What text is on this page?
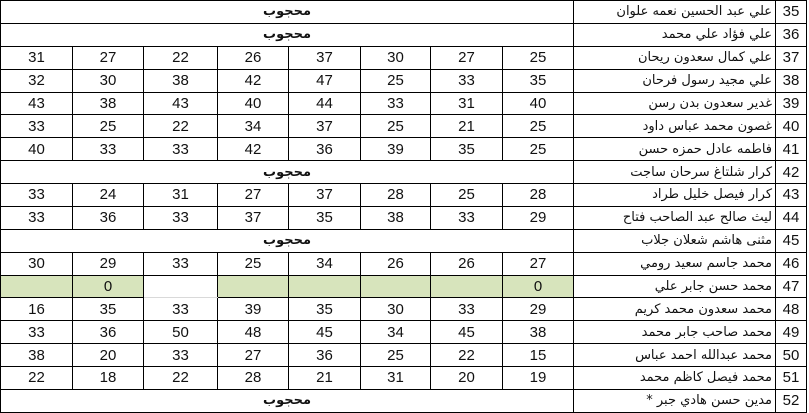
محجوب								علي عبد الحسين نعمه علوان	35
محجوب								علي فؤاد علي محمد	36
31	27	22	26	37	30	27	25	علي كمال سعدون ريحان	37
32	30	38	42	47	25	33	35	علي مجيد رسول فرحان	38
43	38	43	40	44	33	31	40	غدير سعدون بدن رسن	39
33	25	22	34	37	25	21	25	غصون محمد عباس داود	40
40	33	33	42	36	39	35	25	فاطمه عادل حمزه حسن	41
محجوب								كرار شلتاغ سرحان ساجت	42
33	24	31	27	37	28	25	28	كرار فيصل خليل طراد	43
33	36	33	37	35	38	33	29	ليث صالح عبد الصاحب فتاح	44
محجوب								مثنى هاشم شعلان جلاب	45
30	29	33	25	34	26	26	27	محمد جاسم سعيد رومي	46
	0						0	محمد حسن جابر علي	47
16	35	33	39	35	30	33	29	محمد سعدون محمد كريم	48
33	36	50	48	45	34	45	38	محمد صاحب جابر محمد	49
38	20	33	27	36	25	22	15	محمد عبدالله احمد عباس	50
22	18	22	28	21	31	20	19	محمد فيصل كاظم محمد	51
محجوب								مدين حسن هادي جبر *	52
